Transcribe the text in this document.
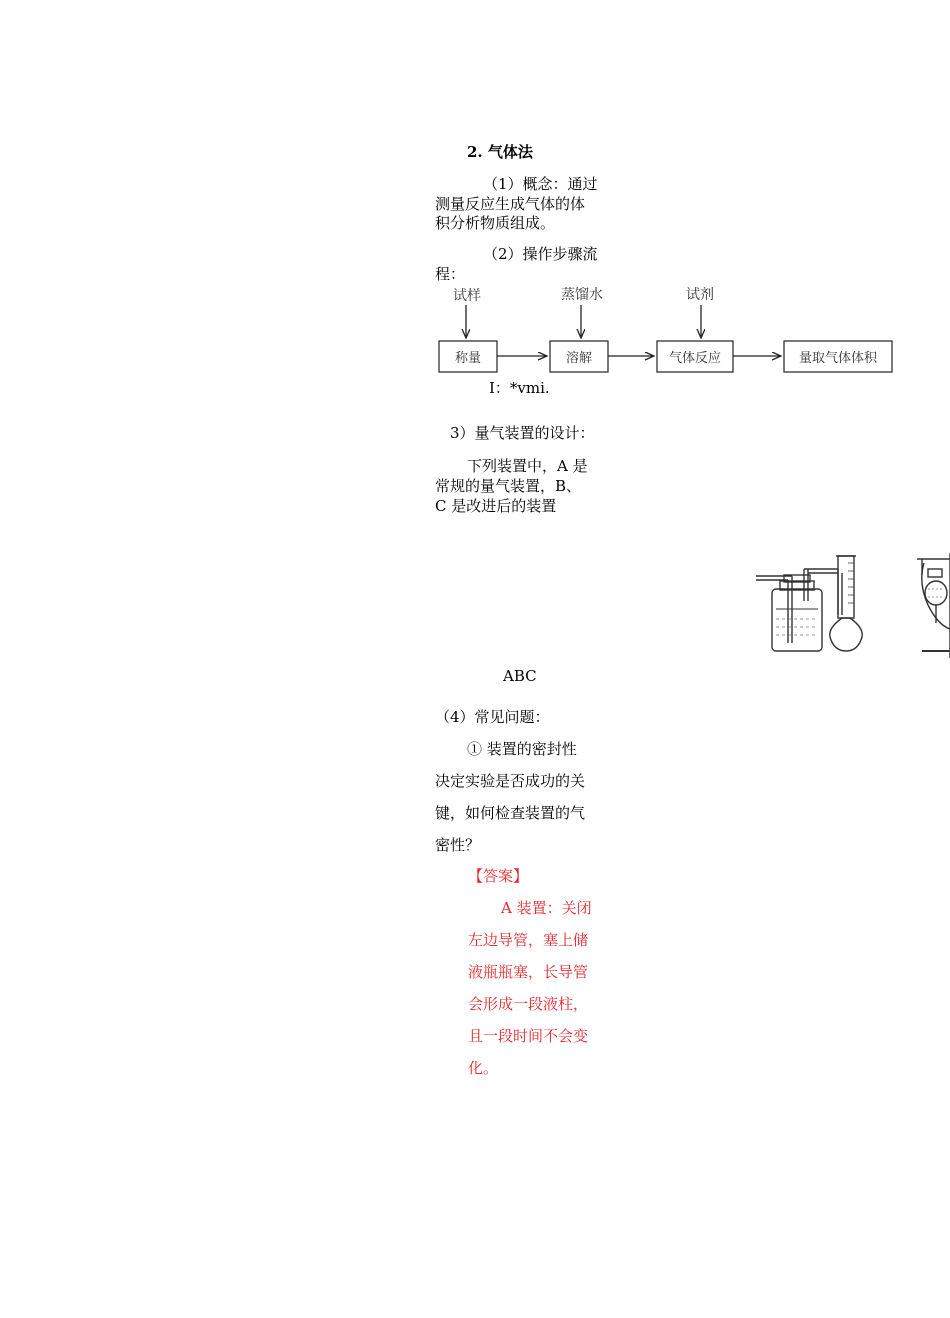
2. 气体法
（1）概念：通过
测量反应生成气体的体
积分析物质组成。
（2）操作步骤流
程：
试样	蒸馏水	试剂
称量	溶解	气体反应	量取气体体积
I：*vmi.
3）量气装置的设计：
下列装置中，A 是
常规的量气装置，B、
C 是改进后的装置
ABC
（4）常见问题：
① 装置的密封性
决定实验是否成功的关
键，如何检查装置的气
密性？
【答案】
A 装置：关闭
左边导管，塞上储
液瓶瓶塞，长导管
会形成一段液柱，
且一段时间不会变
化。
